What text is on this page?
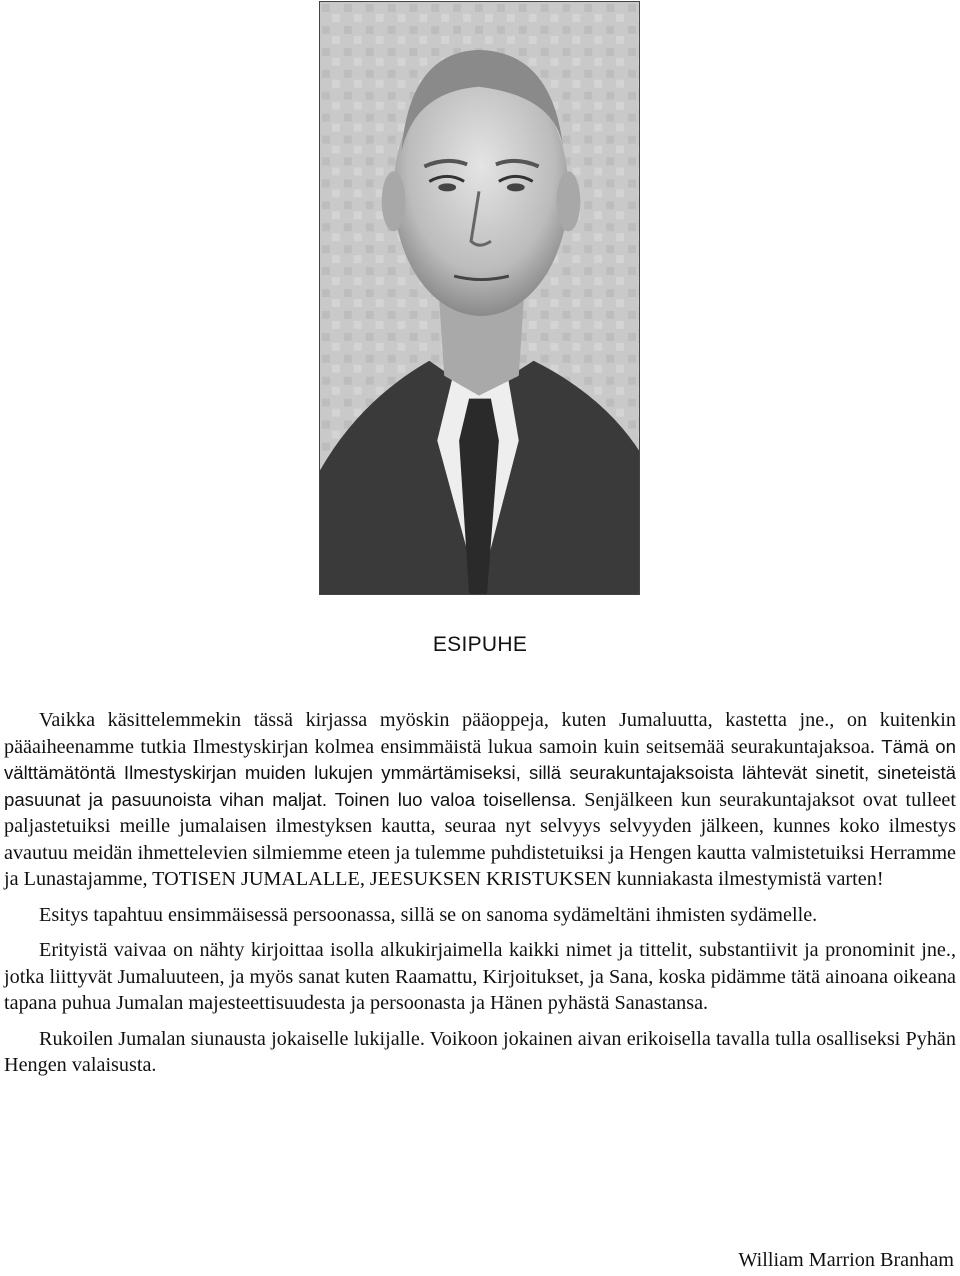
ESIPUHE

Vaikka käsittelemmekin tässä kirjassa myöskin pääoppeja, kuten Jumaluutta, kastetta jne., on kuitenkin pääaiheenamme tutkia Ilmestyskirjan kolmea ensimmäistä lukua samoin kuin seitsemää seurakuntajaksoa. Tämä on välttämätöntä Ilmestyskirjan muiden lukujen ymmärtämiseksi, sillä seurakuntajaksoista lähtevät sinetit, sineteistä pasuunat ja pasuunoista vihan maljat. Toinen luo valoa toisellensa. Senjälkeen kun seurakuntajaksot ovat tulleet paljastetuiksi meille jumalaisen ilmestyksen kautta, seuraa nyt selvyys selvyyden jälkeen, kunnes koko ilmestys avautuu meidän ihmettelevien silmiemme eteen ja tulemme puhdistetuiksi ja Hengen kautta valmistetuiksi Herramme ja Lunastajamme, TOTISEN JUMALALLE, JEESUKSEN KRISTUKSEN kunniakasta ilmestymistä varten!

Esitys tapahtuu ensimmäisessä persoonassa, sillä se on sanoma sydämeltäni ihmisten sydämelle.

Erityistä vaivaa on nähty kirjoittaa isolla alkukirjaimella kaikki nimet ja tittelit, substantiivit ja pronominit jne., jotka liittyvät Jumaluuteen, ja myös sanat kuten Raamattu, Kirjoitukset, ja Sana, koska pidämme tätä ainoana oikeana tapana puhua Jumalan majesteettisuudesta ja persoonasta ja Hänen pyhästä Sanastansa.

Rukoilen Jumalan siunausta jokaiselle lukijalle. Voikoon jokainen aivan erikoisella tavalla tulla osalliseksi Pyhän Hengen valaisusta.

William Marrion Branham
